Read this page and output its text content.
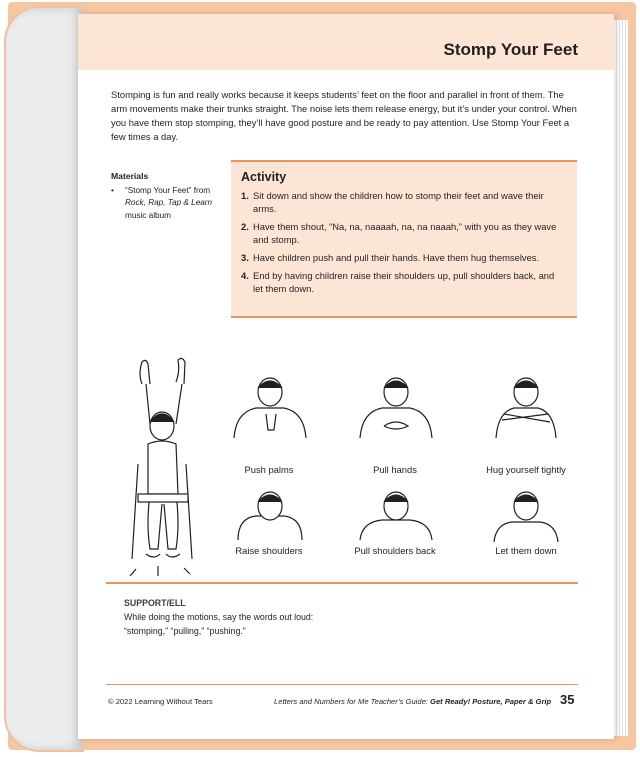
Stomp Your Feet
Stomping is fun and really works because it keeps students’ feet on the floor and parallel in front of them. The arm movements make their trunks straight. The noise lets them release energy, but it’s under your control. When you have them stop stomping, they’ll have good posture and be ready to pay attention. Use Stomp Your Feet a few times a day.
Materials
•	“Stomp Your Feet” from Rock, Rap, Tap & Learn music album
Activity
1. Sit down and show the children how to stomp their feet and wave their arms.
2. Have them shout, “Na, na, naaaah, na, na naaah,” with you as they wave and stomp.
3. Have children push and pull their hands. Have them hug themselves.
4. End by having children raise their shoulders up, pull shoulders back, and let them down.
Push palms	Pull hands	Hug yourself tightly
Raise shoulders	Pull shoulders back	Let them down
SUPPORT/ELL
While doing the motions, say the words out loud:
“stomping,” “pulling,” “pushing.”
© 2022 Learning Without Tears	Letters and Numbers for Me Teacher’s Guide: Get Ready! Posture, Paper & Grip 35
